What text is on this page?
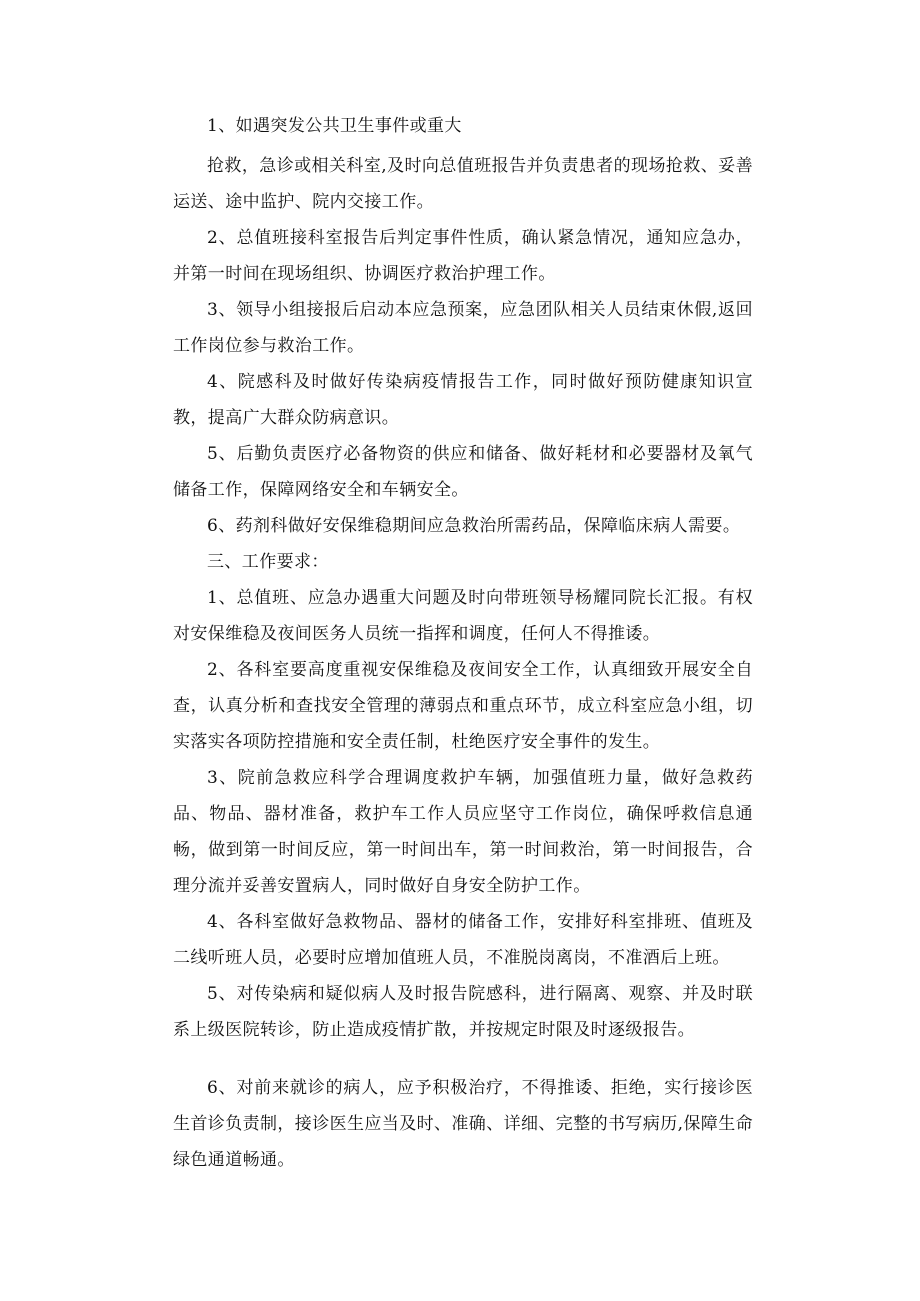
1、如遇突发公共卫生事件或重大

抢救，急诊或相关科室,及时向总值班报告并负责患者的现场抢救、妥善运送、途中监护、院内交接工作。

2、总值班接科室报告后判定事件性质，确认紧急情况，通知应急办，并第一时间在现场组织、协调医疗救治护理工作。

3、领导小组接报后启动本应急预案，应急团队相关人员结束休假,返回工作岗位参与救治工作。

4、院感科及时做好传染病疫情报告工作，同时做好预防健康知识宣教，提高广大群众防病意识。

5、后勤负责医疗必备物资的供应和储备、做好耗材和必要器材及氧气储备工作，保障网络安全和车辆安全。

6、药剂科做好安保维稳期间应急救治所需药品，保障临床病人需要。

三、工作要求：

1、总值班、应急办遇重大问题及时向带班领导杨耀同院长汇报。有权对安保维稳及夜间医务人员统一指挥和调度，任何人不得推诿。

2、各科室要高度重视安保维稳及夜间安全工作，认真细致开展安全自查，认真分析和查找安全管理的薄弱点和重点环节，成立科室应急小组，切实落实各项防控措施和安全责任制，杜绝医疗安全事件的发生。

3、院前急救应科学合理调度救护车辆，加强值班力量，做好急救药品、物品、器材准备，救护车工作人员应坚守工作岗位，确保呼救信息通畅，做到第一时间反应，第一时间出车，第一时间救治，第一时间报告，合理分流并妥善安置病人，同时做好自身安全防护工作。

4、各科室做好急救物品、器材的储备工作，安排好科室排班、值班及二线听班人员，必要时应增加值班人员，不准脱岗离岗，不准酒后上班。

5、对传染病和疑似病人及时报告院感科，进行隔离、观察、并及时联系上级医院转诊，防止造成疫情扩散，并按规定时限及时逐级报告。

6、对前来就诊的病人，应予积极治疗，不得推诿、拒绝，实行接诊医生首诊负责制，接诊医生应当及时、准确、详细、完整的书写病历,保障生命绿色通道畅通。
